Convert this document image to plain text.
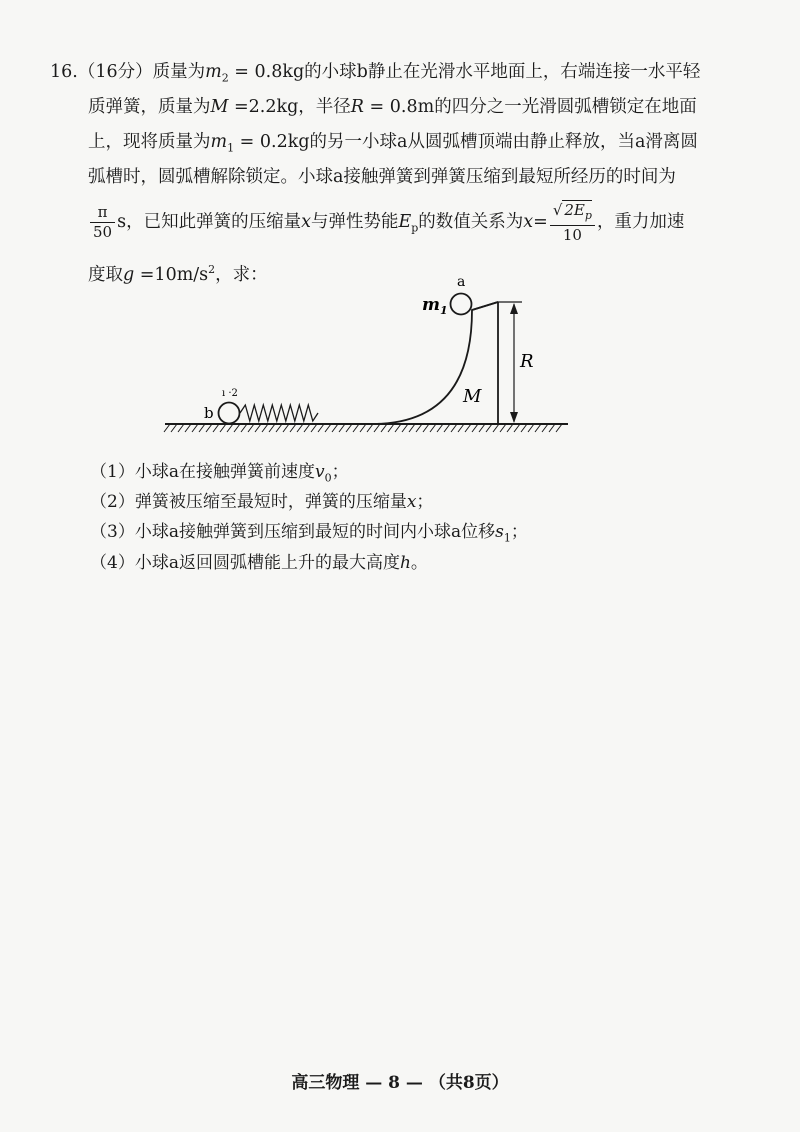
16.（16分）质量为$m_2 = 0.8kg$的小球b静止在光滑水平地面上，右端连接一水平轻
质弹簧，质量为M =2.2kg，半径R = 0.8m的四分之一光滑圆弧槽锁定在地面
上，现将质量为$m_1 = 0.2kg$的另一小球a从圆弧槽顶端由静止释放，当a滑离圆
弧槽时，圆弧槽解除锁定。小球a接触弹簧到弹簧压缩到最短所经历的时间为
$\frac{\pi}{50}$ s，已知此弹簧的压缩量x与弹性势能$E_p$的数值关系为$x= \frac{√ 2E_p}{10}$ ，重力加速
度取$g =10m/s^2$，求：	a
$m_1$
R
M
b
ı ‧2
（1）小球a在接触弹簧前速度$v_0$；
（2）弹簧被压缩至最短时，弹簧的压缩量x；
（3）小球a接触弹簧到压缩到最短的时间内小球a位移$s_1$；
（4）小球a返回圆弧槽能上升的最大高度h。
高三物理 — 8 — （共8页）
